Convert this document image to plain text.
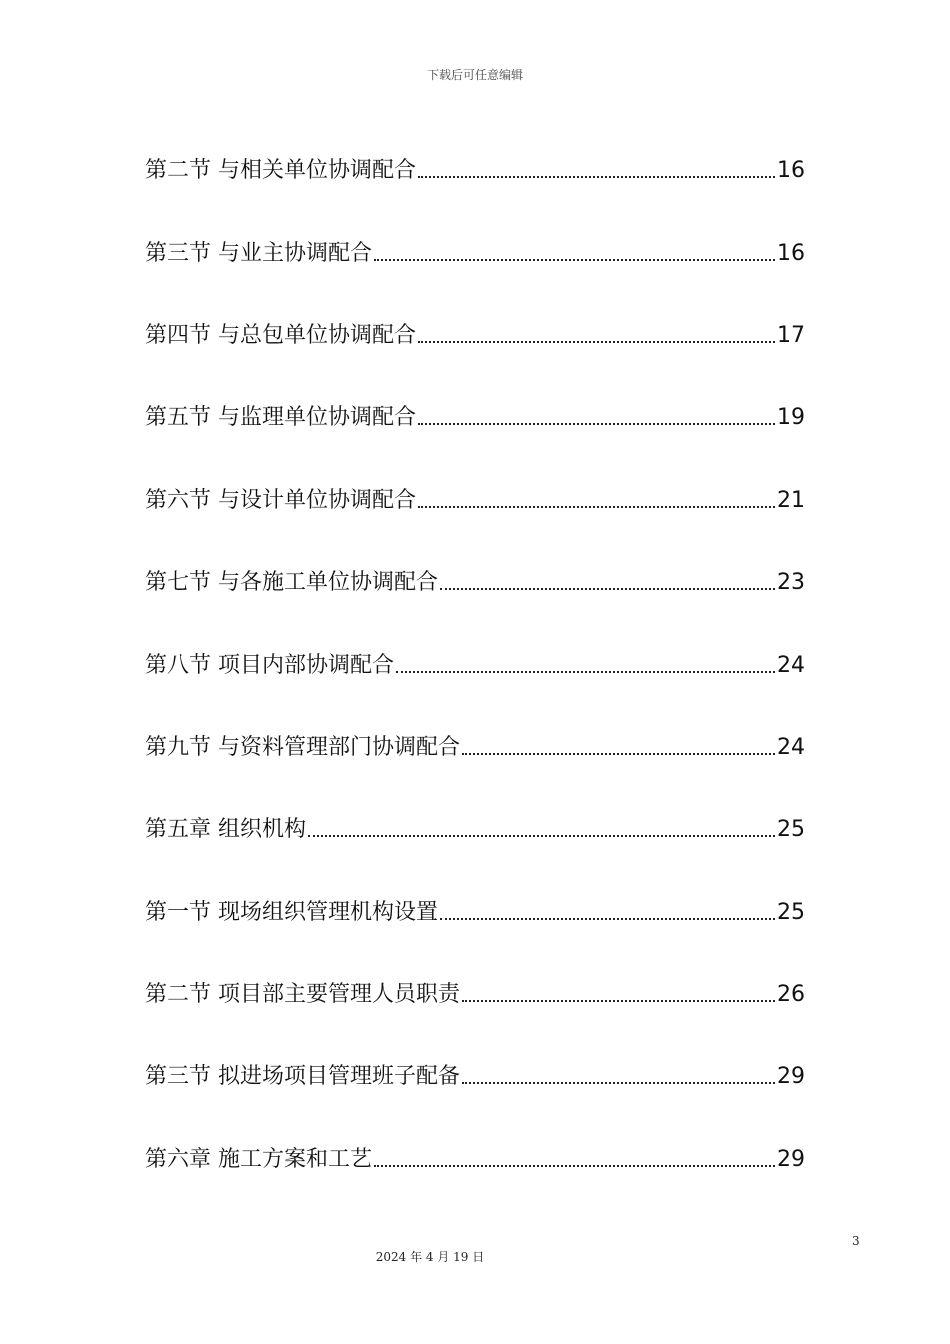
下载后可任意编辑
第二节 与相关单位协调配合	16
第三节 与业主协调配合	16
第四节 与总包单位协调配合	17
第五节 与监理单位协调配合	19
第六节 与设计单位协调配合	21
第七节 与各施工单位协调配合	23
第八节 项目内部协调配合	24
第九节 与资料管理部门协调配合	24
第五章 组织机构	25
第一节 现场组织管理机构设置	25
第二节 项目部主要管理人员职责	26
第三节 拟进场项目管理班子配备	29
第六章 施工方案和工艺	29
3
2024 年 4 月 19 日
